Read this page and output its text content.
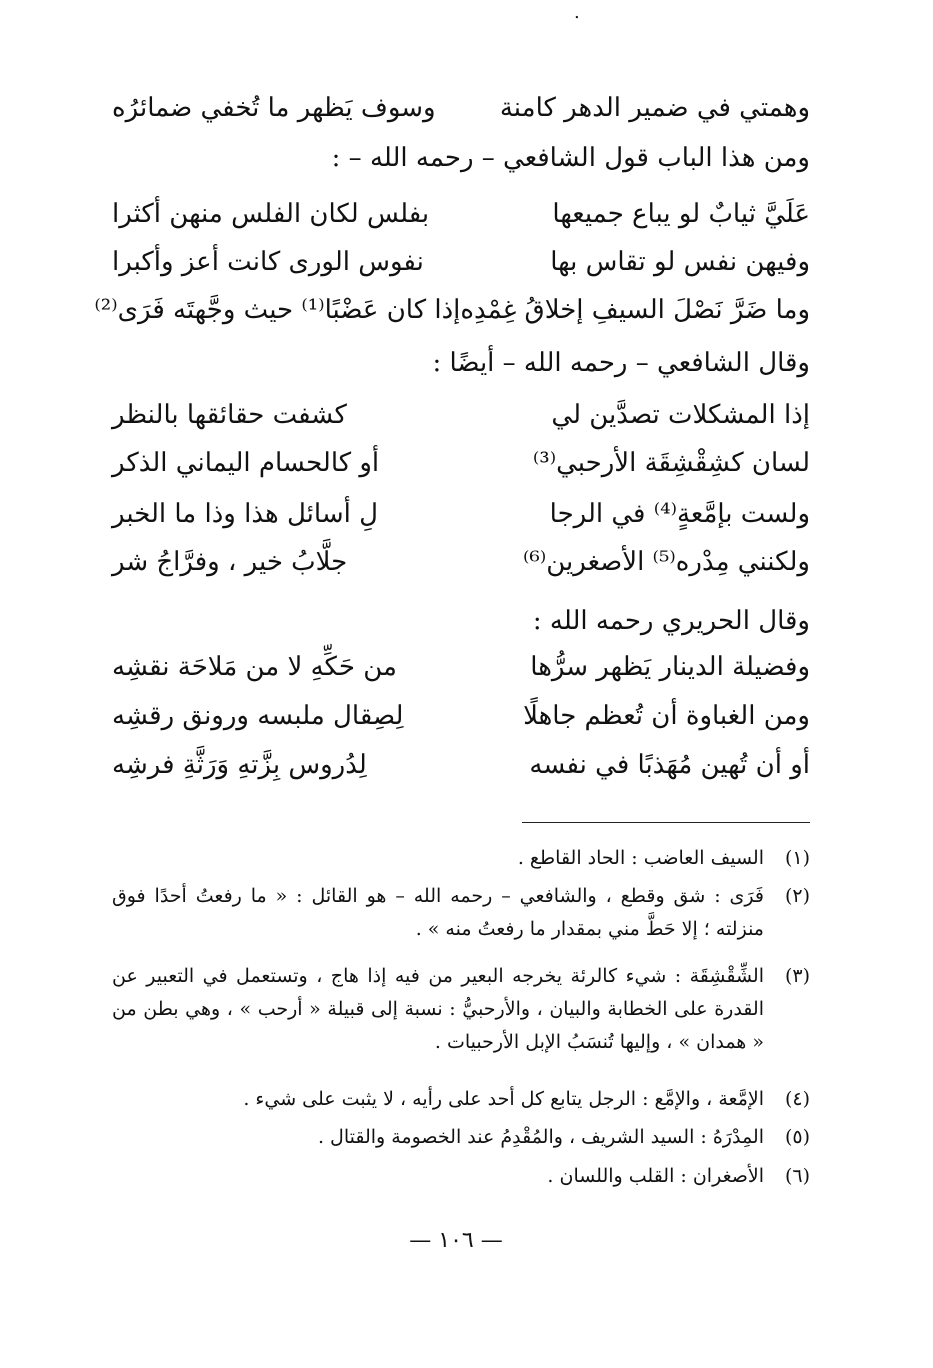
.
وهمتي في ضمير الدهر كامنة
وسوف يَظهر ما تُخفي ضمائرُه
ومن هذا الباب قول الشافعي – رحمه الله – :
عَلَيَّ ثيابٌ لو يباع جميعها
بفلس لكان الفلس منهن أكثرا
وفيهن نفس لو تقاس بها
نفوس الورى كانت أعز وأكبرا
وما ضَرَّ نَصْلَ السيفِ إخلاقُ غِمْدِه
إذا كان عَضْبًا⁽¹⁾ حيث وجَّهتَه فَرَى⁽²⁾
وقال الشافعي – رحمه الله – أيضًا :
إذا المشكلات تصدَّين لي
كشفت حقائقها بالنظر
لسان كشِقْشِقَة الأرحبي⁽³⁾
أو كالحسام اليماني الذكر
ولست بإمَّعةٍ⁽⁴⁾ في الرجا
لِ أسائل هذا وذا ما الخبر
ولكنني مِدْره⁽⁵⁾ الأصغرين⁽⁶⁾
جلَّابُ خير ، وفرَّاجُ شر
وقال الحريري رحمه الله :
وفضيلة الدينار يَظهر سرُّها
من حَكِّهِ لا من مَلاحَة نقشِه
ومن الغباوة أن تُعظم جاهلًا
لِصِقال ملبسه ورونق رقشِه
أو أن تُهين مُهَذبًا في نفسه
لِدُروس بِزَّتهِ وَرَثَّةِ فرشِه
(١)
السيف العاضب : الحاد القاطع .
(٢)
فَرَى : شق وقطع ، والشافعي – رحمه الله – هو القائل : « ما رفعتُ أحدًا فوق منزلته ؛ إلا حَطَّ مني بمقدار ما رفعتُ منه » .
(٣)
الشِّقْشِقَة : شيء كالرئة يخرجه البعير من فيه إذا هاج ، وتستعمل في التعبير عن القدرة على الخطابة والبيان ، والأرحبيُّ : نسبة إلى قبيلة « أرحب » ، وهي بطن من « همدان » ، وإليها تُنسَبُ الإبل الأرحبيات .
(٤)
الإمَّعة ، والإمَّع : الرجل يتابع كل أحد على رأيه ، لا يثبت على شيء .
(٥)
المِدْرَهُ : السيد الشريف ، والمُقْدِمُ عند الخصومة والقتال .
(٦)
الأصغران : القلب واللسان .
— ١٠٦ —
